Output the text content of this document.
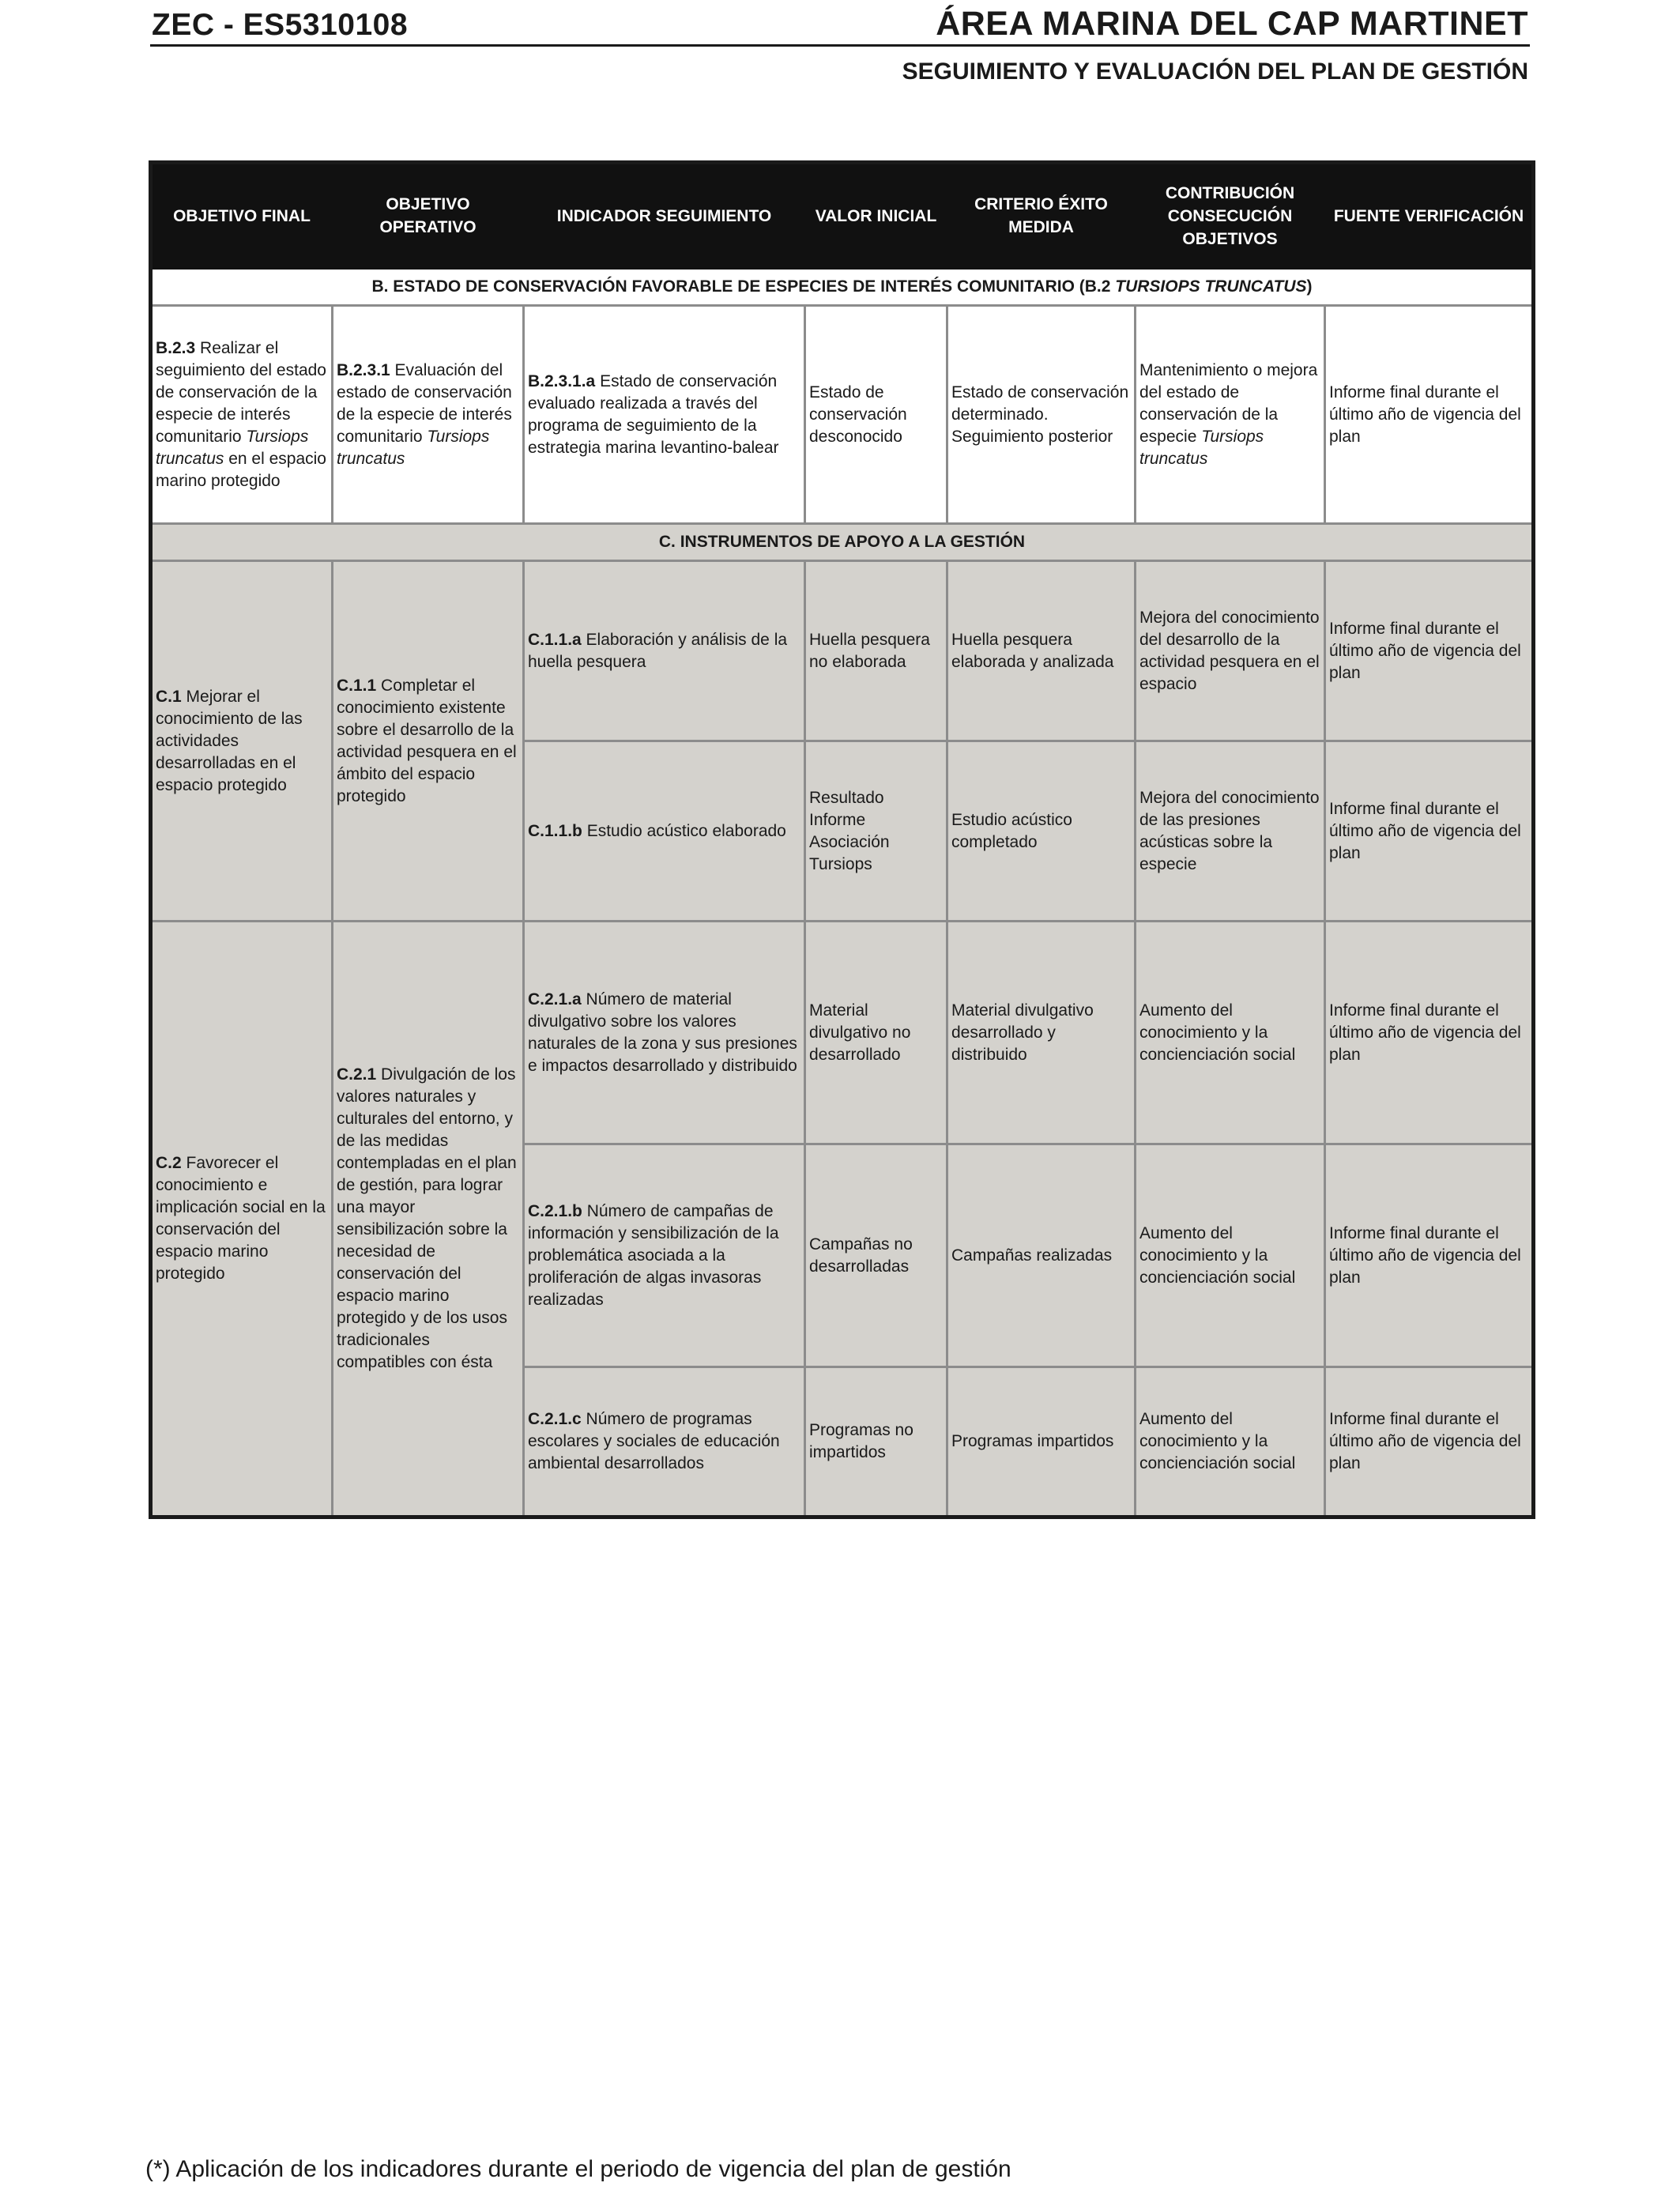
ZEC - ES5310108	ÁREA MARINA DEL CAP MARTINET
SEGUIMIENTO Y EVALUACIÓN DEL PLAN DE GESTIÓN
OBJETIVO FINAL	OBJETIVO OPERATIVO	INDICADOR SEGUIMIENTO	VALOR INICIAL	CRITERIO ÉXITO MEDIDA	CONTRIBUCIÓN CONSECUCIÓN OBJETIVOS	FUENTE VERIFICACIÓN
B. ESTADO DE CONSERVACIÓN FAVORABLE DE ESPECIES DE INTERÉS COMUNITARIO (B.2 TURSIOPS TRUNCATUS)						
B.2.3 Realizar el seguimiento del estado de conservación de la especie de interés comunitario Tursiops truncatus en el espacio marino protegido	B.2.3.1 Evaluación del estado de conservación de la especie de interés comunitario Tursiops truncatus	B.2.3.1.a Estado de conservación evaluado realizada a través del programa de seguimiento de la estrategia marina levantino-balear	Estado de conservación desconocido	Estado de conservación determinado. Seguimiento posterior	Mantenimiento o mejora del estado de conservación de la especie Tursiops truncatus	Informe final durante el último año de vigencia del plan
C. INSTRUMENTOS DE APOYO A LA GESTIÓN						
C.1 Mejorar el conocimiento de las actividades desarrolladas en el espacio protegido	C.1.1 Completar el conocimiento existente sobre el desarrollo de la actividad pesquera en el ámbito del espacio protegido	C.1.1.a Elaboración y análisis de la huella pesquera	Huella pesquera no elaborada	Huella pesquera elaborada y analizada	Mejora del conocimiento del desarrollo de la actividad pesquera en el espacio	Informe final durante el último año de vigencia del plan
		C.1.1.b Estudio acústico elaborado	Resultado Informe Asociación Tursiops	Estudio acústico completado	Mejora del conocimiento de las presiones acústicas sobre la especie	Informe final durante el último año de vigencia del plan
C.2 Favorecer el conocimiento e implicación social en la conservación del espacio marino protegido	C.2.1 Divulgación de los valores naturales y culturales del entorno, y de las medidas contempladas en el plan de gestión, para lograr una mayor sensibilización sobre la necesidad de conservación del espacio marino protegido y de los usos tradicionales compatibles con ésta	C.2.1.a Número de material divulgativo sobre los valores naturales de la zona y sus presiones e impactos desarrollado y distribuido	Material divulgativo no desarrollado	Material divulgativo desarrollado y distribuido	Aumento del conocimiento y la concienciación social	Informe final durante el último año de vigencia del plan
		C.2.1.b Número de campañas de información y sensibilización de la problemática asociada a la proliferación de algas invasoras realizadas	Campañas no desarrolladas	Campañas realizadas	Aumento del conocimiento y la concienciación social	Informe final durante el último año de vigencia del plan
		C.2.1.c Número de programas escolares y sociales de educación ambiental desarrollados	Programas no impartidos	Programas impartidos	Aumento del conocimiento y la concienciación social	Informe final durante el último año de vigencia del plan
(*) Aplicación de los indicadores durante el periodo de vigencia del plan de gestión
